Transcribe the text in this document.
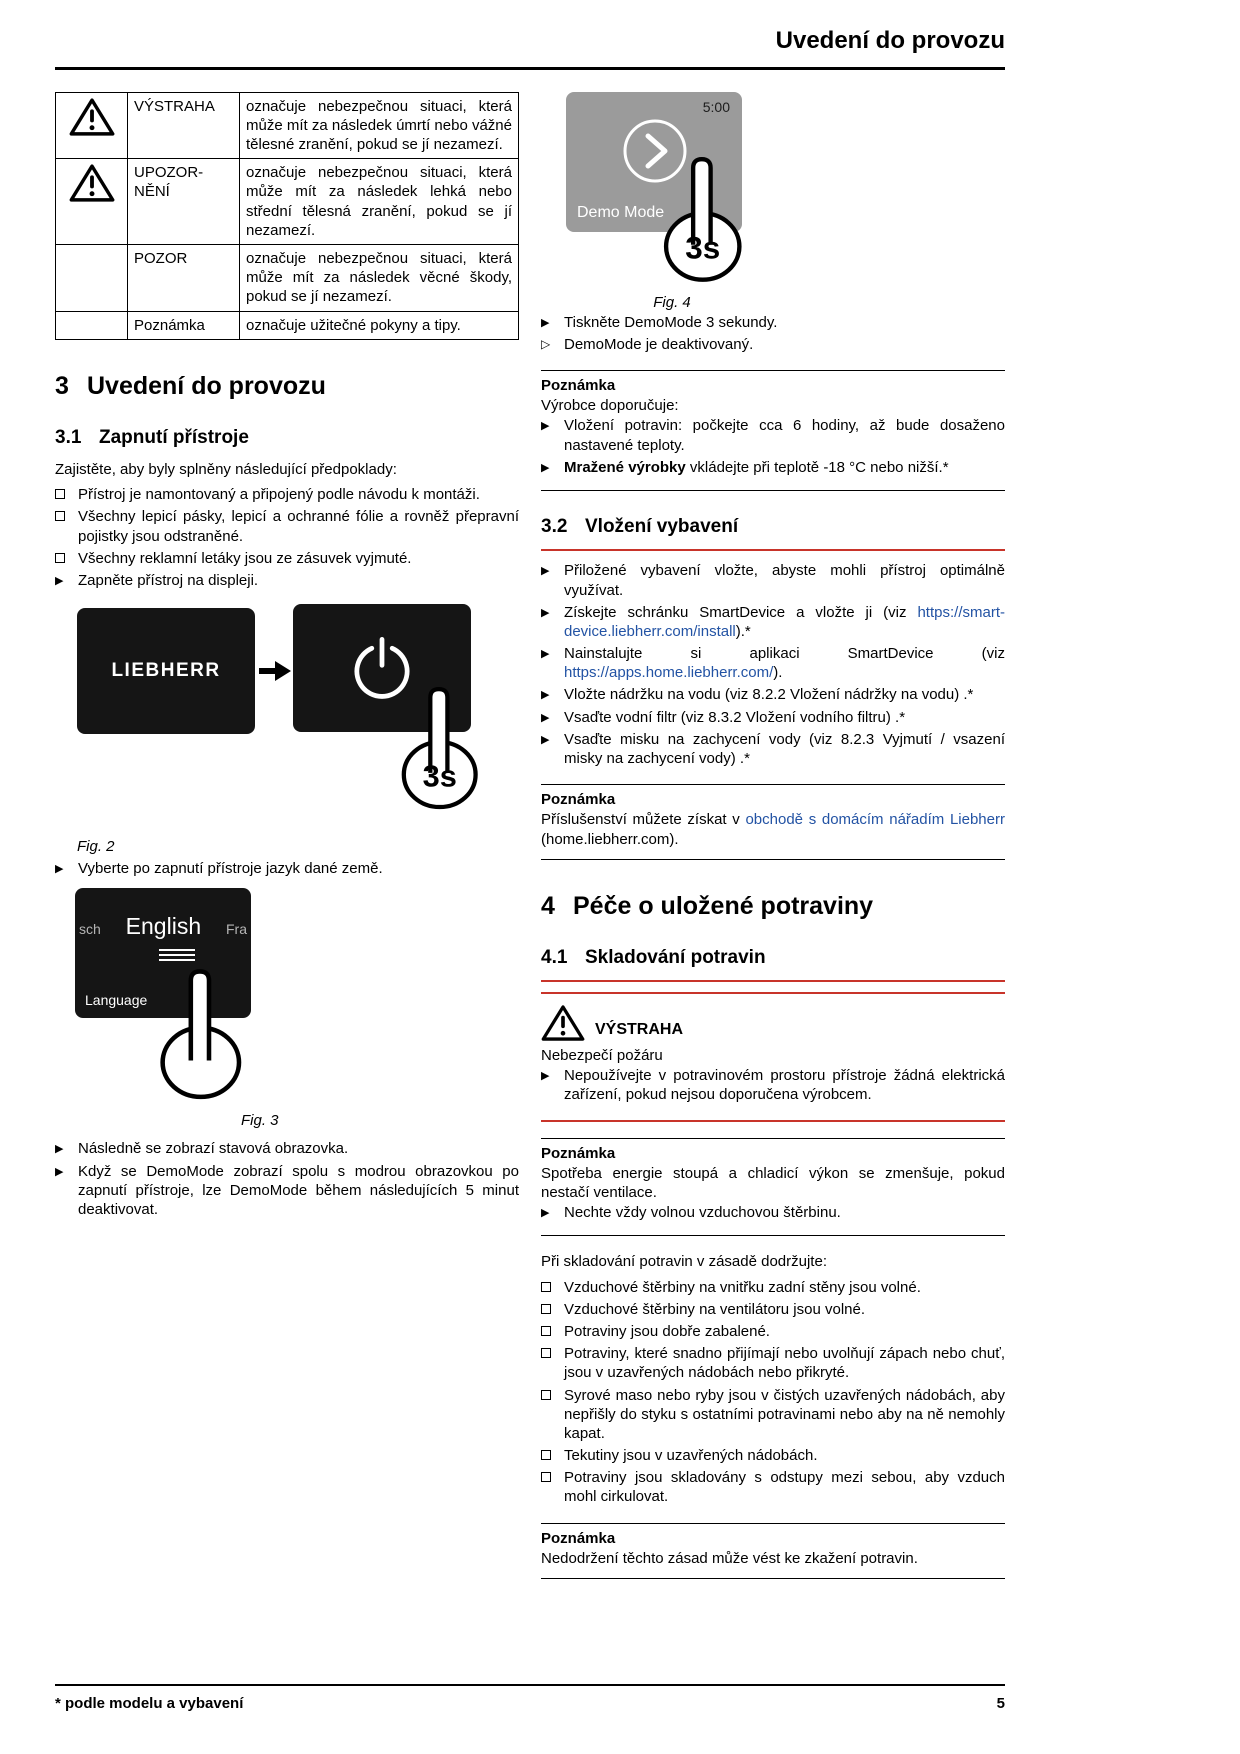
Uvedení do provozu
	VÝSTRAHA	označuje nebezpečnou situaci, která může mít za následek úmrtí nebo vážné tělesné zranění, pokud se jí nezamezí.
	UPOZOR-NĚNÍ	označuje nebezpečnou situaci, která může mít za následek lehká nebo střední tělesná zranění, pokud se jí nezamezí.
	POZOR	označuje nebezpečnou situaci, která může mít za následek věcné škody, pokud se jí nezamezí.
	Poznámka	označuje užitečné pokyny a tipy.
3 Uvedení do provozu
3.1 Zapnutí přístroje

Zajistěte, aby byly splněny následující předpoklady:

Přístroj je namontovaný a připojený podle návodu k montáži.
Všechny lepicí pásky, lepicí a ochranné fólie a rovněž přepravní pojistky jsou odstraněné.
Všechny reklamní letáky jsou ze zásuvek vyjmuté.
▶ Zapněte přístroj na displeji.
LIEBHERR
3s
Fig. 2
▶ Vyberte po zapnutí přístroje jazyk dané země.
sch English Fra
Language
Fig. 3
▶ Následně se zobrazí stavová obrazovka.
▶ Když se DemoMode zobrazí spolu s modrou obrazovkou po zapnutí přístroje, lze DemoMode během následujících 5 minut deaktivovat.
5:00
Demo Mode
3s
Fig. 4
▶ Tiskněte DemoMode 3 sekundy.
▷ DemoMode je deaktivovaný.
Poznámka

Výrobce doporučuje:

▶ Vložení potravin: počkejte cca 6 hodiny, až bude dosaženo nastavené teploty.
▶ Mražené výrobky vkládejte při teplotě -18 °C nebo nižší.*
3.2 Vložení vybavení
▶ Přiložené vybavení vložte, abyste mohli přístroj optimálně využívat.
▶ Získejte schránku SmartDevice a vložte ji (viz https://smart-device.liebherr.com/install).*
▶ Nainstalujte si aplikaci SmartDevice (viz https://apps.home.liebherr.com/).
▶ Vložte nádržku na vodu (viz 8.2.2 Vložení nádržky na vodu) .*
▶ Vsaďte vodní filtr (viz 8.3.2 Vložení vodního filtru) .*
▶ Vsaďte misku na zachycení vody (viz 8.2.3 Vyjmutí / vsazení misky na zachycení vody) .*
Poznámka

Příslušenství můžete získat v obchodě s domácím nářadím Liebherr (home.liebherr.com).

4 Péče o uložené potraviny
4.1 Skladování potravin
VÝSTRAHA

Nebezpečí požáru

▶ Nepoužívejte v potravinovém prostoru přístroje žádná elektrická zařízení, pokud nejsou doporučena výrobcem.
Poznámka

Spotřeba energie stoupá a chladicí výkon se zmenšuje, pokud nestačí ventilace.

▶ Nechte vždy volnou vzduchovou štěrbinu.

Při skladování potravin v zásadě dodržujte:

Vzduchové štěrbiny na vnitřku zadní stěny jsou volné.
Vzduchové štěrbiny na ventilátoru jsou volné.
Potraviny jsou dobře zabalené.
Potraviny, které snadno přijímají nebo uvolňují zápach nebo chuť, jsou v uzavřených nádobách nebo přikryté.
Syrové maso nebo ryby jsou v čistých uzavřených nádobách, aby nepřišly do styku s ostatními potravinami nebo aby na ně nemohly kapat.
Tekutiny jsou v uzavřených nádobách.
Potraviny jsou skladovány s odstupy mezi sebou, aby vzduch mohl cirkulovat.
Poznámka

Nedodržení těchto zásad může vést ke zkažení potravin.

* podle modelu a vybavení	5
